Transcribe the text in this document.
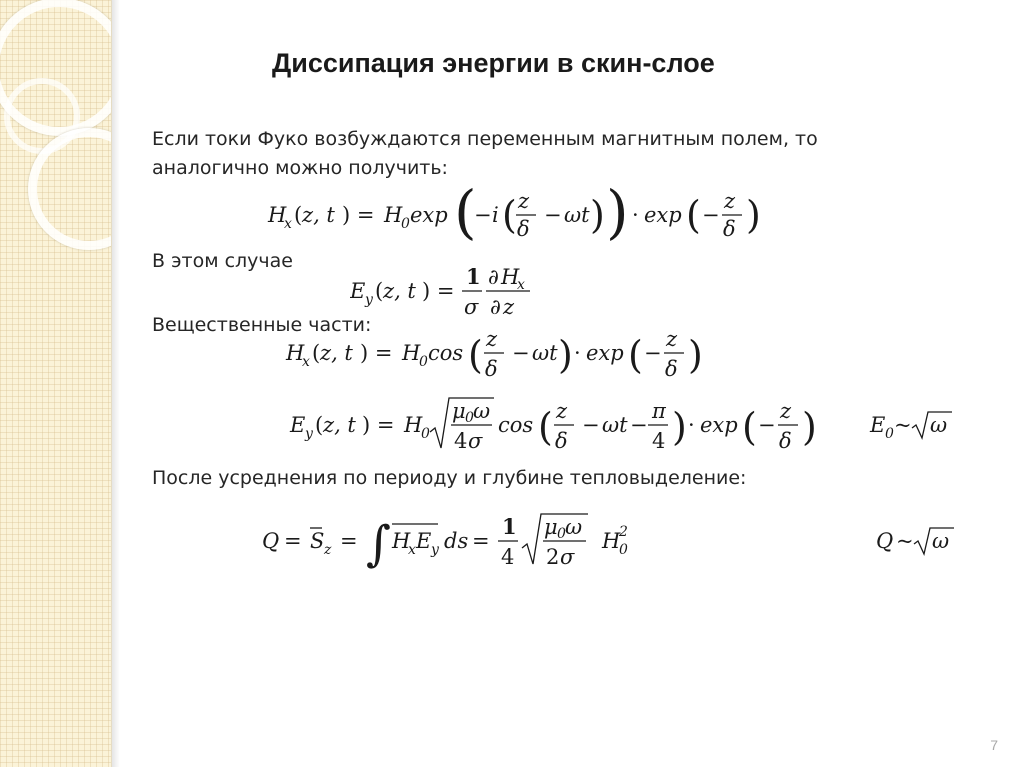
Диссипация энергии в скин-слое
Если токи Фуко возбуждаются переменным магнитным полем, то
аналогично можно получить:
H
x ( z, t ) = H
0 exp (
− i ( z
δ
− ωt ) ) · exp ( −
z
δ )
В этом случае
E y ( z, t ) =
1
σ
∂ H
x
∂ z
Вещественные части:
H
x ( z, t ) = H
0 cos ( z
δ
− ωt ) · exp ( −
z
δ )
E y ( z, t ) = H
0
μ 0 ω
4 σ
cos ( z
δ
− ωt −
π
4 ) · exp ( −
z
δ )	E 0 ~ ω
После усреднения по периоду и глубине тепловыделение:
Q = S z = ∫ H
x E y ds =
1
4
μ 0 ω
2 σ
H
0
2	Q ~ ω
7
